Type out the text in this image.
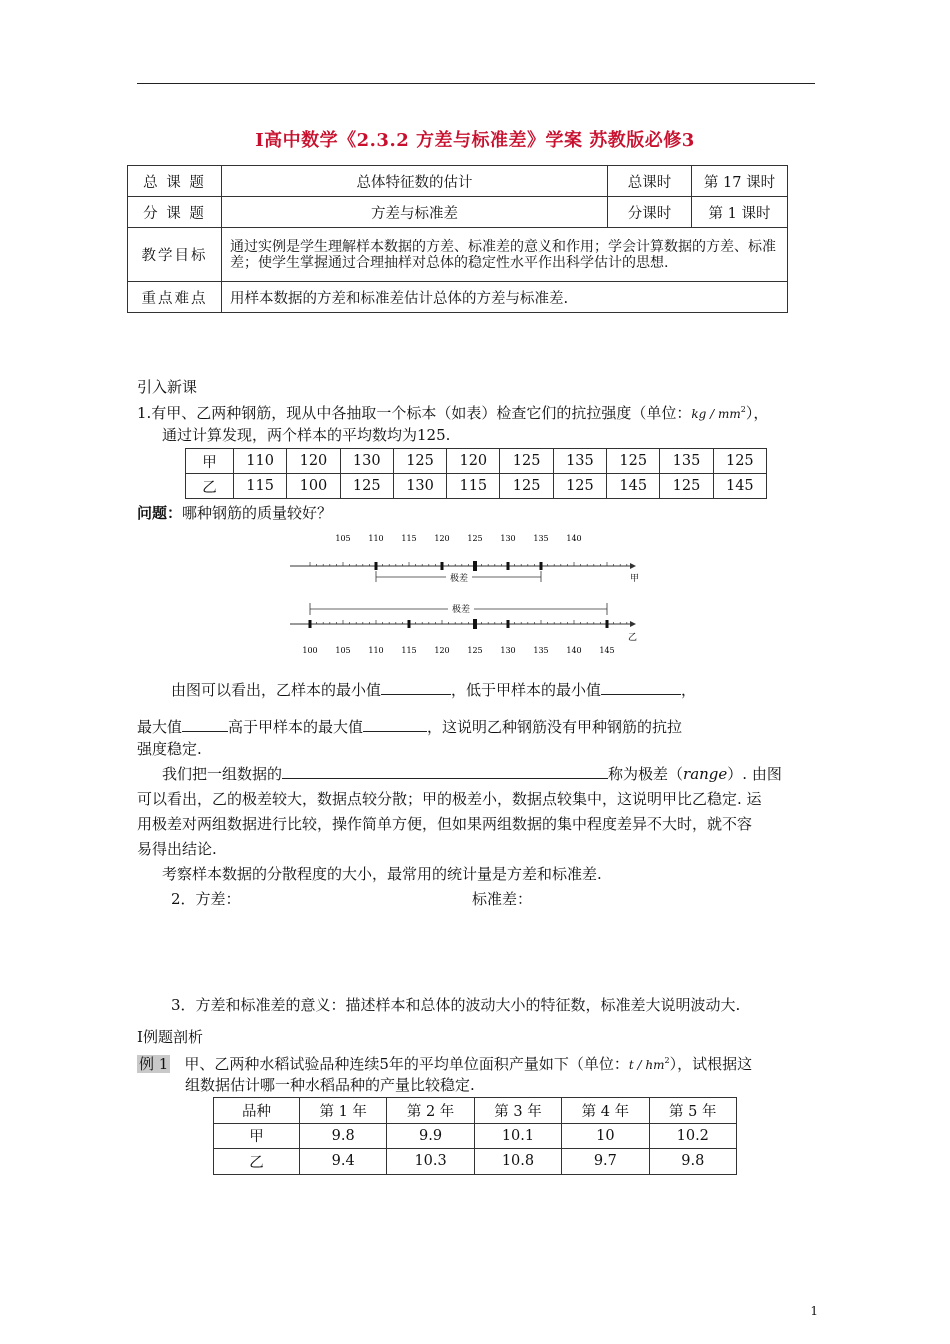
I高中数学《2.3.2 方差与标准差》学案 苏教版必修3
总 课 题	总体特征数的估计	总课时	第 17 课时
分 课 题	方差与标准差	分课时	第 1 课时
教学目标	通过实例是学生理解样本数据的方差、标准差的意义和作用；学会计算数据的方差、标准差；使学生掌握通过合理抽样对总体的稳定性水平作出科学估计的思想.		
重点难点	用样本数据的方差和标准差估计总体的方差与标准差.		
引入新课
1.有甲、乙两种钢筋，现从中各抽取一个标本（如表）检查它们的抗拉强度（单位：kg / $mm^2$），
通过计算发现，两个样本的平均数均为125.
甲	110	120	130	125	120	125	135	125	135	125
乙	115	100	125	130	115	125	125	145	125	145
问题：哪种钢筋的质量较好？
105 110 115 120 125 130 135 140
极差	甲
极差
乙
100 105 110 115 120 125 130 135 140 145
由图可以看出，乙样本的最小值	，低于甲样本的最小值	，
最大值	高于甲样本的最大值	，这说明乙种钢筋没有甲种钢筋的抗拉
强度稳定.
我们把一组数据的	称为极差（range）. 由图
可以看出，乙的极差较大，数据点较分散；甲的极差小，数据点较集中，这说明甲比乙稳定. 运
用极差对两组数据进行比较，操作简单方便，但如果两组数据的集中程度差异不大时，就不容
易得出结论.
考察样本数据的分散程度的大小，最常用的统计量是方差和标准差.
2．方差：	标准差：
3．方差和标准差的意义：描述样本和总体的波动大小的特征数，标准差大说明波动大.
I例题剖析
例 1 甲、乙两种水稻试验品种连续5年的平均单位面积产量如下（单位：t / $hm^2$），试根据这
组数据估计哪一种水稻品种的产量比较稳定.
品种	第 1 年	第 2 年	第 3 年	第 4 年	第 5 年
甲	9.8	9.9	10.1	10	10.2
乙	9.4	10.3	10.8	9.7	9.8
1
